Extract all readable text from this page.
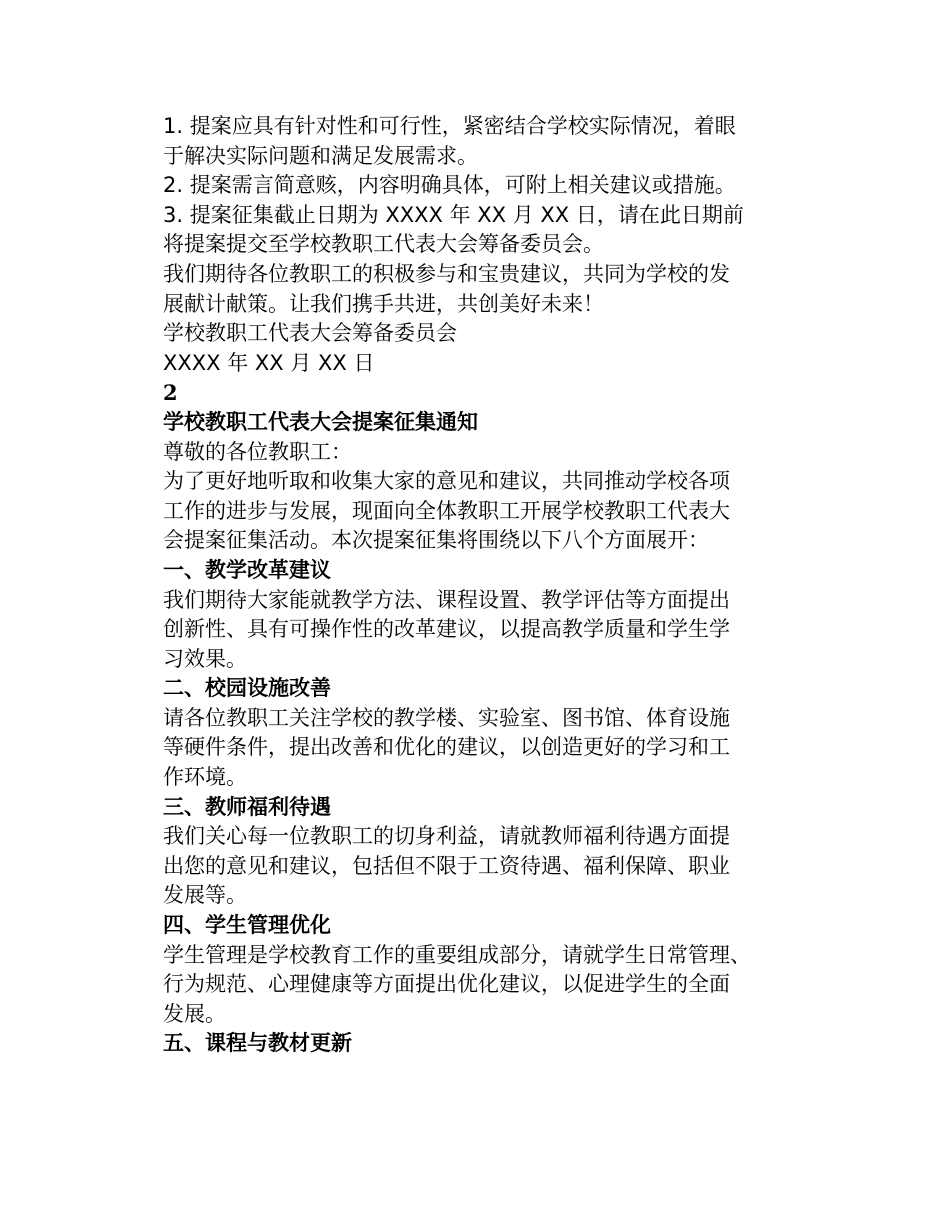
1. 提案应具有针对性和可行性，紧密结合学校实际情况，着眼
于解决实际问题和满足发展需求。
2. 提案需言简意赅，内容明确具体，可附上相关建议或措施。
3. 提案征集截止日期为 XXXX 年 XX 月 XX 日，请在此日期前
将提案提交至学校教职工代表大会筹备委员会。
我们期待各位教职工的积极参与和宝贵建议，共同为学校的发
展献计献策。让我们携手共进，共创美好未来！
学校教职工代表大会筹备委员会
XXXX 年 XX 月 XX 日
2
学校教职工代表大会提案征集通知
尊敬的各位教职工：
为了更好地听取和收集大家的意见和建议，共同推动学校各项
工作的进步与发展，现面向全体教职工开展学校教职工代表大
会提案征集活动。本次提案征集将围绕以下八个方面展开：
一、教学改革建议
我们期待大家能就教学方法、课程设置、教学评估等方面提出
创新性、具有可操作性的改革建议，以提高教学质量和学生学
习效果。
二、校园设施改善
请各位教职工关注学校的教学楼、实验室、图书馆、体育设施
等硬件条件，提出改善和优化的建议，以创造更好的学习和工
作环境。
三、教师福利待遇
我们关心每一位教职工的切身利益，请就教师福利待遇方面提
出您的意见和建议，包括但不限于工资待遇、福利保障、职业
发展等。
四、学生管理优化
学生管理是学校教育工作的重要组成部分，请就学生日常管理、
行为规范、心理健康等方面提出优化建议，以促进学生的全面
发展。
五、课程与教材更新
